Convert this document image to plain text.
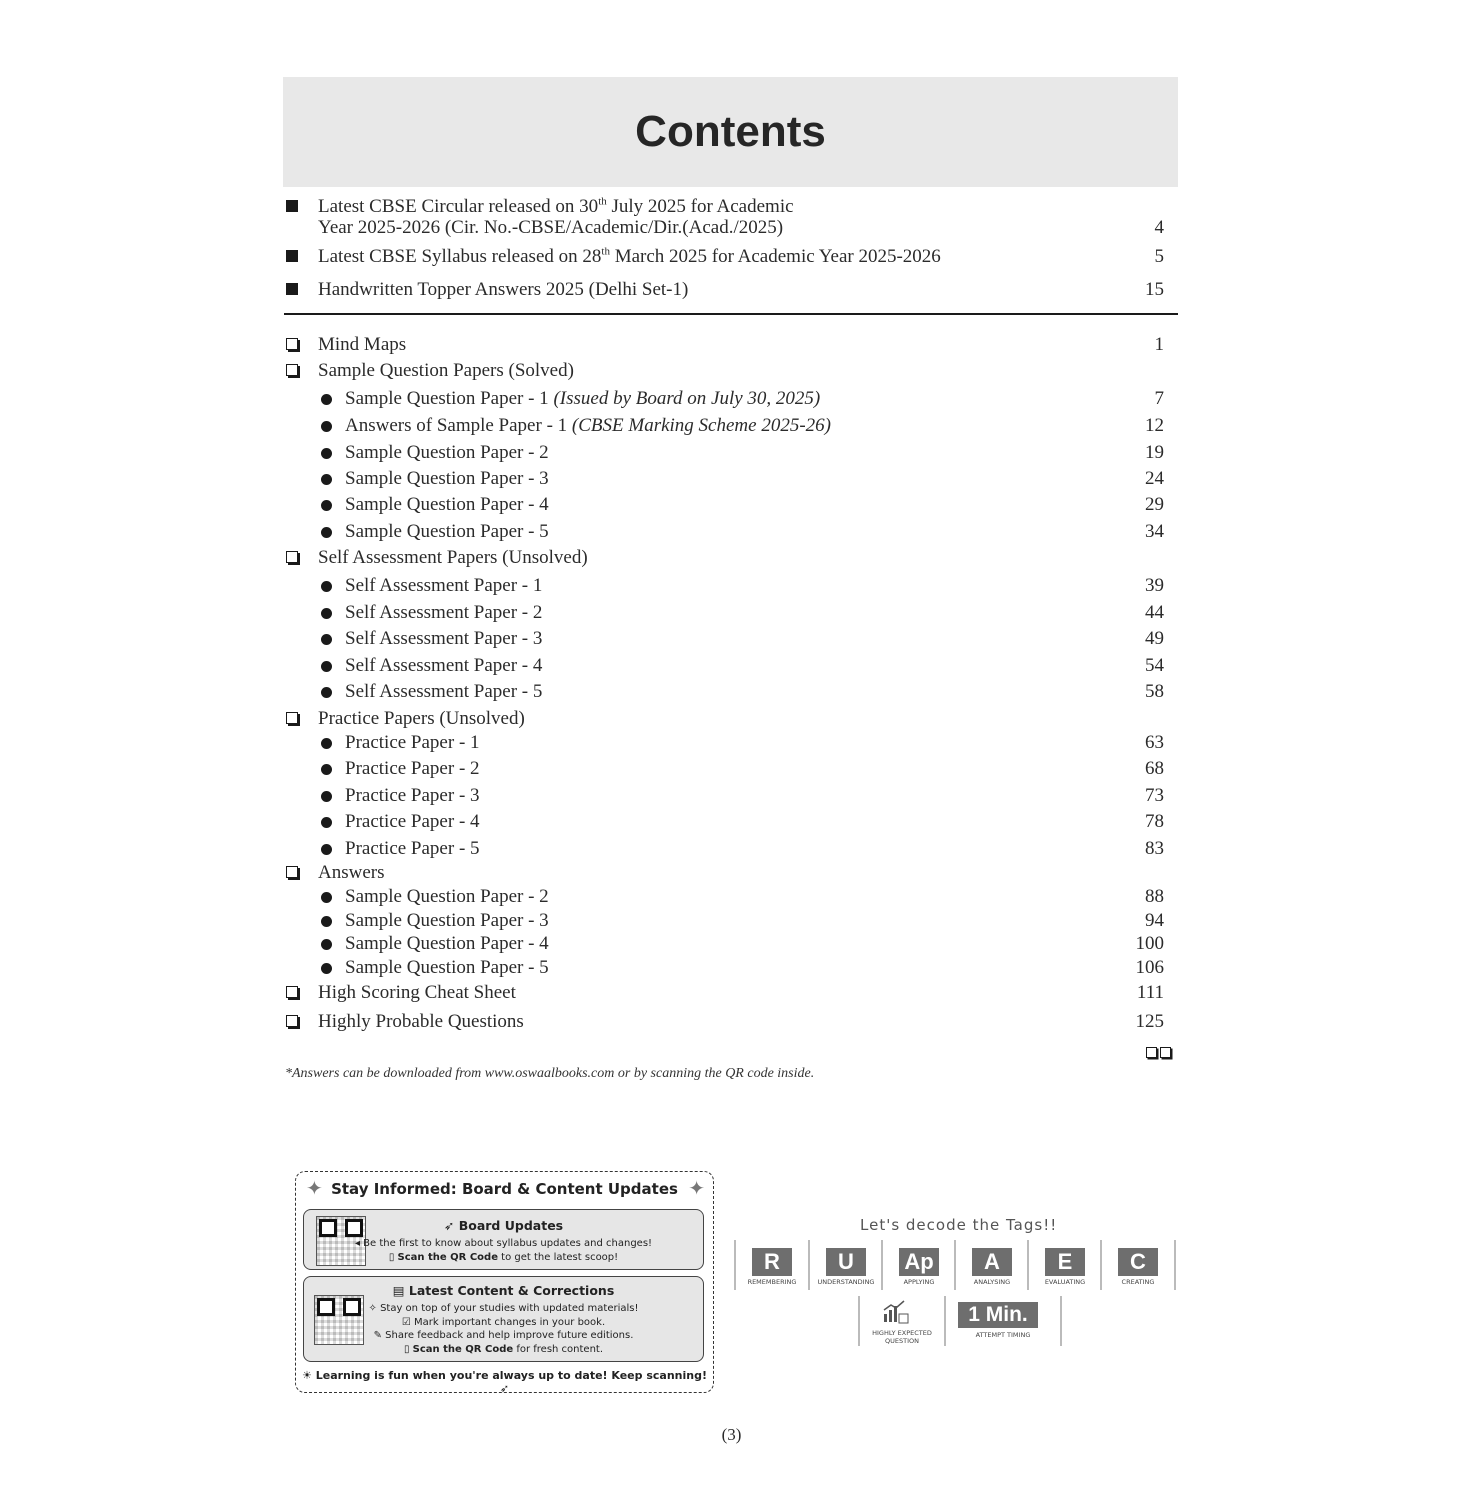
Contents
Latest CBSE Circular released on 30th July 2025 for Academic
Year 2025-2026 (Cir. No.-CBSE/Academic/Dir.(Acad./2025)	4
Latest CBSE Syllabus released on 28th March 2025 for Academic Year 2025-2026	5
Handwritten Topper Answers 2025 (Delhi Set-1)	15
Mind Maps	1
Sample Question Papers (Solved)
Sample Question Paper - 1 (Issued by Board on July 30, 2025)	7
Answers of Sample Paper - 1 (CBSE Marking Scheme 2025-26)	12
Sample Question Paper - 2	19
Sample Question Paper - 3	24
Sample Question Paper - 4	29
Sample Question Paper - 5	34
Self Assessment Papers (Unsolved)
Self Assessment Paper - 1	39
Self Assessment Paper - 2	44
Self Assessment Paper - 3	49
Self Assessment Paper - 4	54
Self Assessment Paper - 5	58
Practice Papers (Unsolved)
Practice Paper - 1	63
Practice Paper - 2	68
Practice Paper - 3	73
Practice Paper - 4	78
Practice Paper - 5	83
Answers
Sample Question Paper - 2	88
Sample Question Paper - 3	94
Sample Question Paper - 4	100
Sample Question Paper - 5	106
High Scoring Cheat Sheet	111
Highly Probable Questions	125
*Answers can be downloaded from www.oswaalbooks.com or by scanning the QR code inside.
✦ Stay Informed: Board & Content Updates ✦
➶ Board Updates
◂ Be the first to know about syllabus updates and changes!
▯ Scan the QR Code to get the latest scoop!
▤ Latest Content & Corrections
✧ Stay on top of your studies with updated materials!
☑ Mark important changes in your book.
✎ Share feedback and help improve future editions.
▯ Scan the QR Code for fresh content.
☀ Learning is fun when you're always up to date! Keep scanning! ➶
Let's decode the Tags!!
R
REMEMBERING
U
UNDERSTANDING
Ap
APPLYING
A
ANALYSING
E
EVALUATING
C
CREATING
HIGHLY EXPECTED
QUESTION
1 Min.
ATTEMPT TIMING
(3)
